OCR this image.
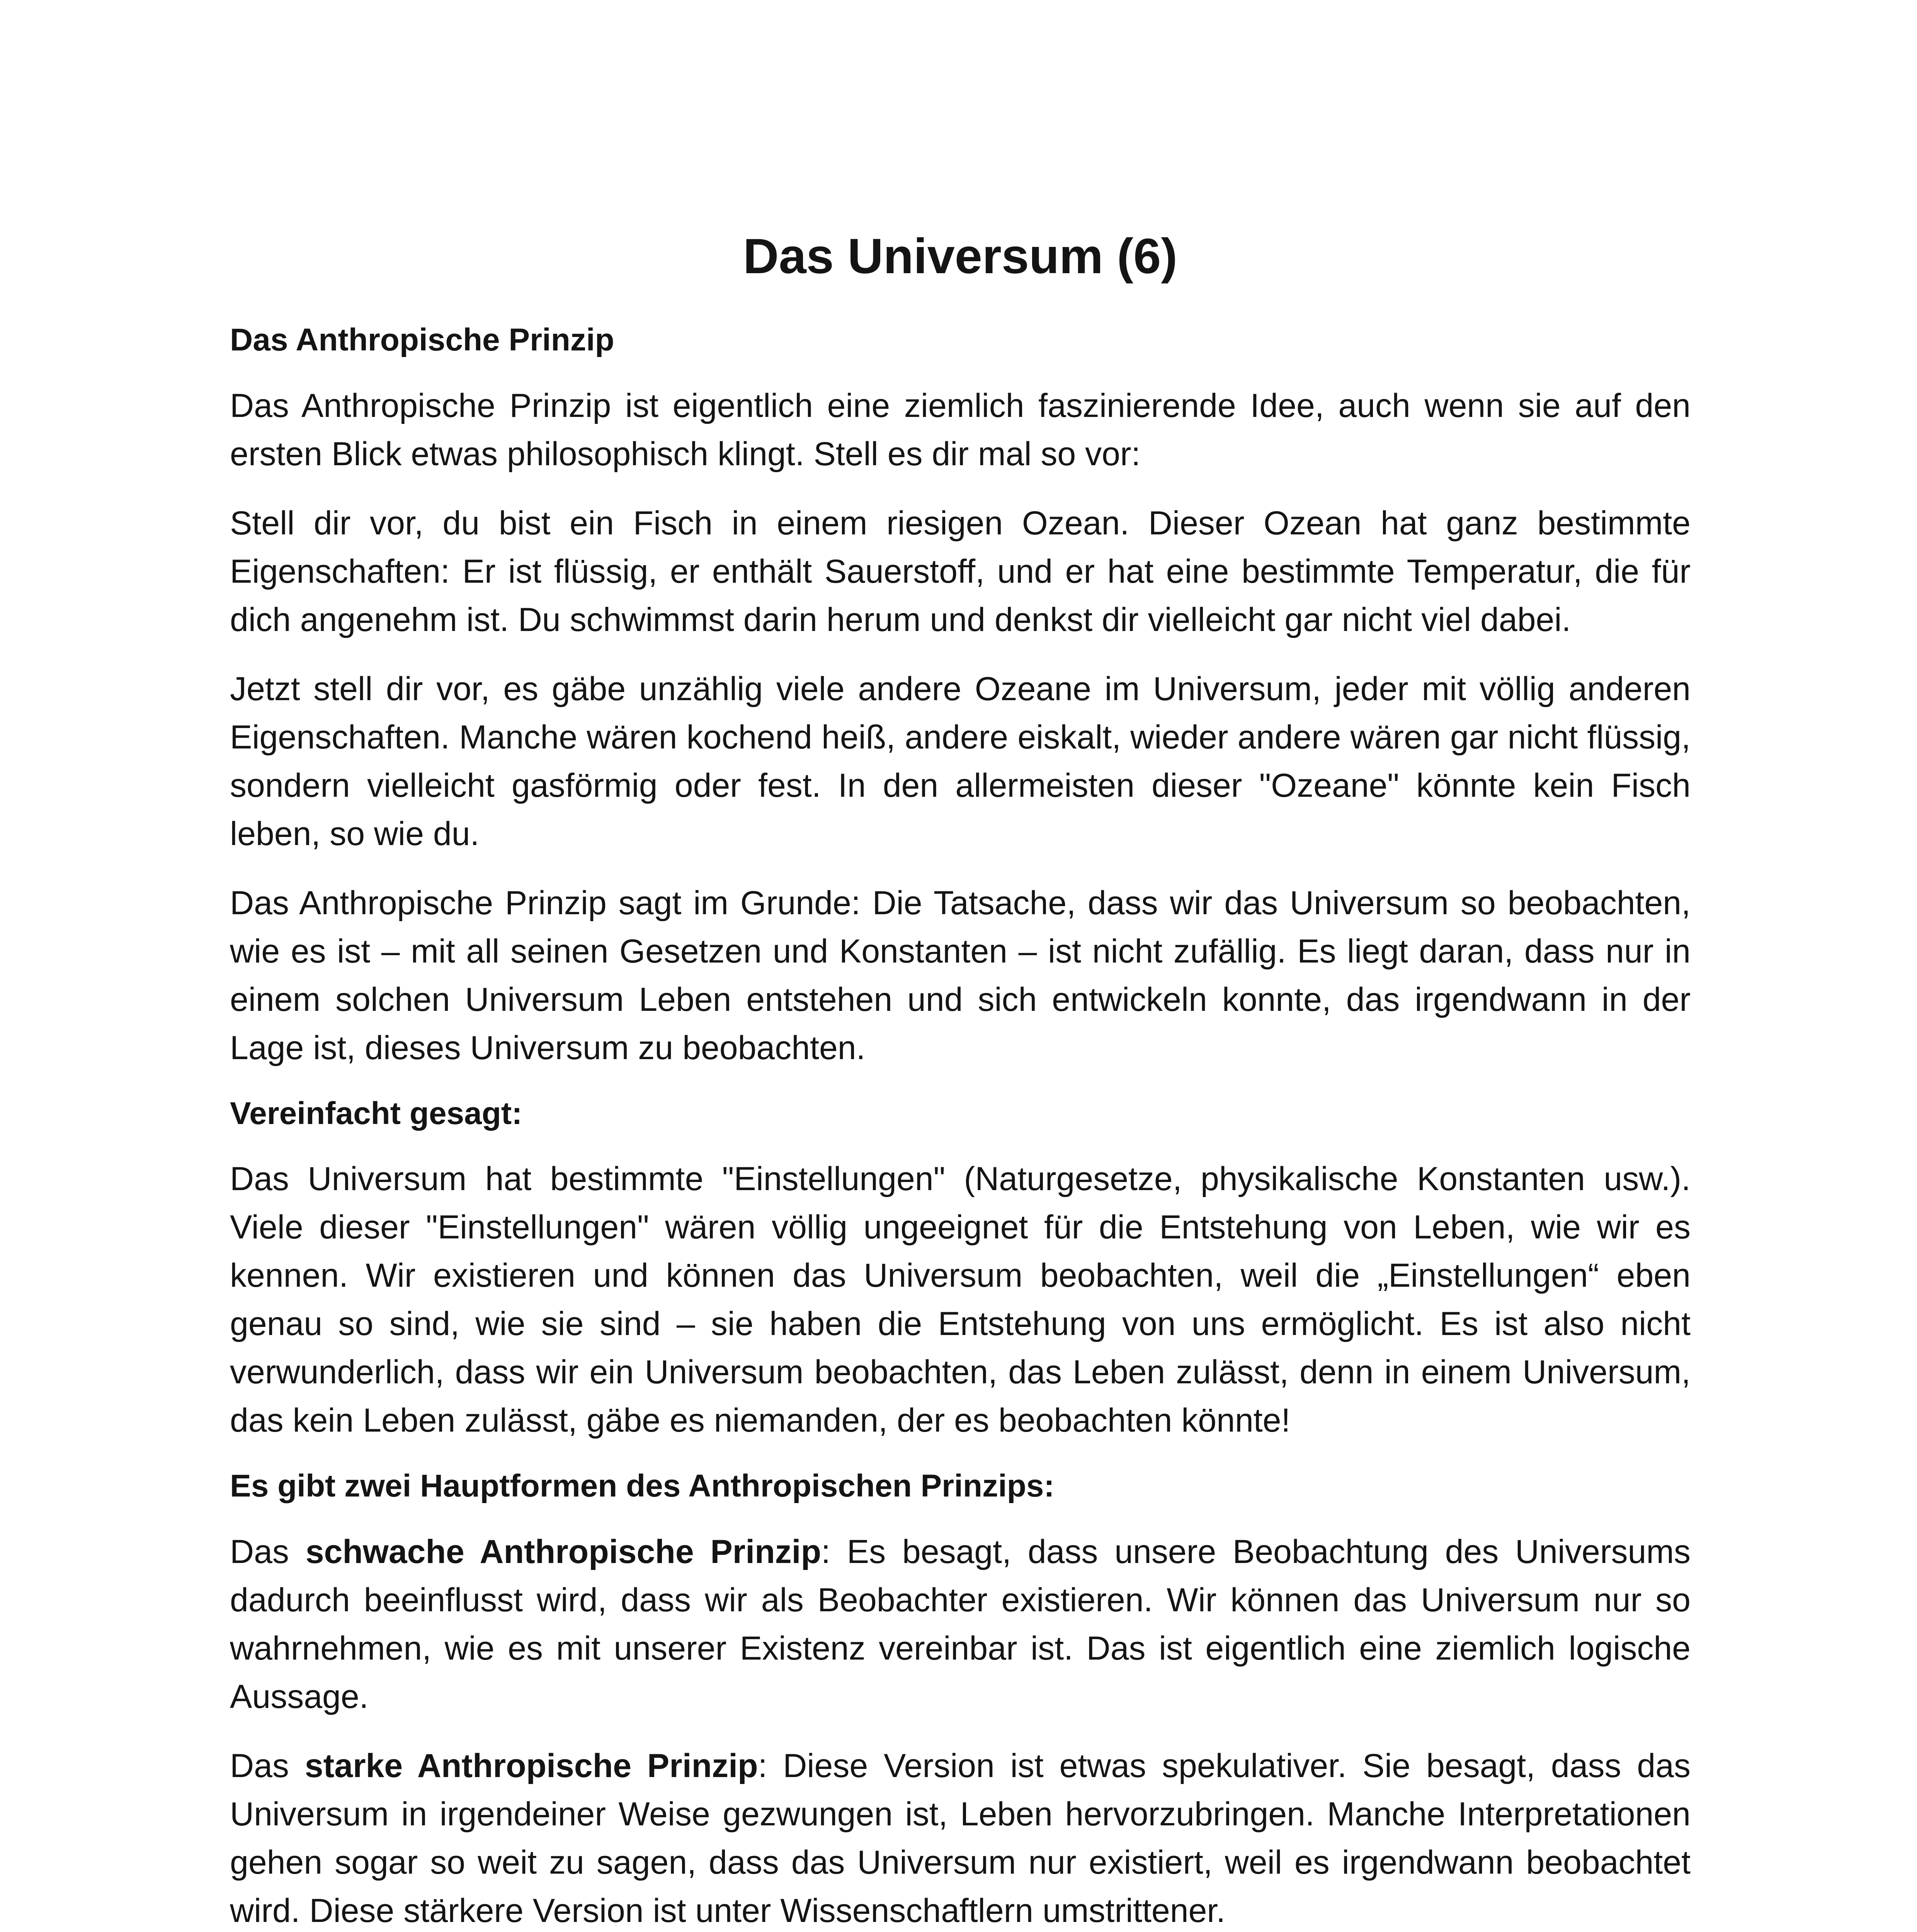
Das Universum (6)
Das Anthropische Prinzip

Das Anthropische Prinzip ist eigentlich eine ziemlich faszinierende Idee, auch wenn sie auf den ersten Blick etwas philosophisch klingt. Stell es dir mal so vor:

Stell dir vor, du bist ein Fisch in einem riesigen Ozean. Dieser Ozean hat ganz bestimmte Eigenschaften: Er ist flüssig, er enthält Sauerstoff, und er hat eine bestimmte Temperatur, die für dich angenehm ist. Du schwimmst darin herum und denkst dir vielleicht gar nicht viel dabei.

Jetzt stell dir vor, es gäbe unzählig viele andere Ozeane im Universum, jeder mit völlig anderen Eigenschaften. Manche wären kochend heiß, andere eiskalt, wieder andere wären gar nicht flüssig, sondern vielleicht gasförmig oder fest. In den allermeisten dieser "Ozeane" könnte kein Fisch leben, so wie du.

Das Anthropische Prinzip sagt im Grunde: Die Tatsache, dass wir das Universum so beobachten, wie es ist – mit all seinen Gesetzen und Konstanten – ist nicht zufällig. Es liegt daran, dass nur in einem solchen Universum Leben entstehen und sich entwickeln konnte, das irgendwann in der Lage ist, dieses Universum zu beobachten.

Vereinfacht gesagt:

Das Universum hat bestimmte "Einstellungen" (Naturgesetze, physikalische Konstanten usw.). Viele dieser "Einstellungen" wären völlig ungeeignet für die Entstehung von Leben, wie wir es kennen. Wir existieren und können das Universum beobachten, weil die „Einstellungen“ eben genau so sind, wie sie sind – sie haben die Entstehung von uns ermöglicht. Es ist also nicht verwunderlich, dass wir ein Universum beobachten, das Leben zulässt, denn in einem Universum, das kein Leben zulässt, gäbe es niemanden, der es beobachten könnte!

Es gibt zwei Hauptformen des Anthropischen Prinzips:

Das schwache Anthropische Prinzip: Es besagt, dass unsere Beobachtung des Universums dadurch beeinflusst wird, dass wir als Beobachter existieren. Wir können das Universum nur so wahrnehmen, wie es mit unserer Existenz vereinbar ist. Das ist eigentlich eine ziemlich logische Aussage.

Das starke Anthropische Prinzip: Diese Version ist etwas spekulativer. Sie besagt, dass das Universum in irgendeiner Weise gezwungen ist, Leben hervorzubringen. Manche Interpretationen gehen sogar so weit zu sagen, dass das Universum nur existiert, weil es irgendwann beobachtet wird. Diese stärkere Version ist unter Wissenschaftlern umstrittener.
